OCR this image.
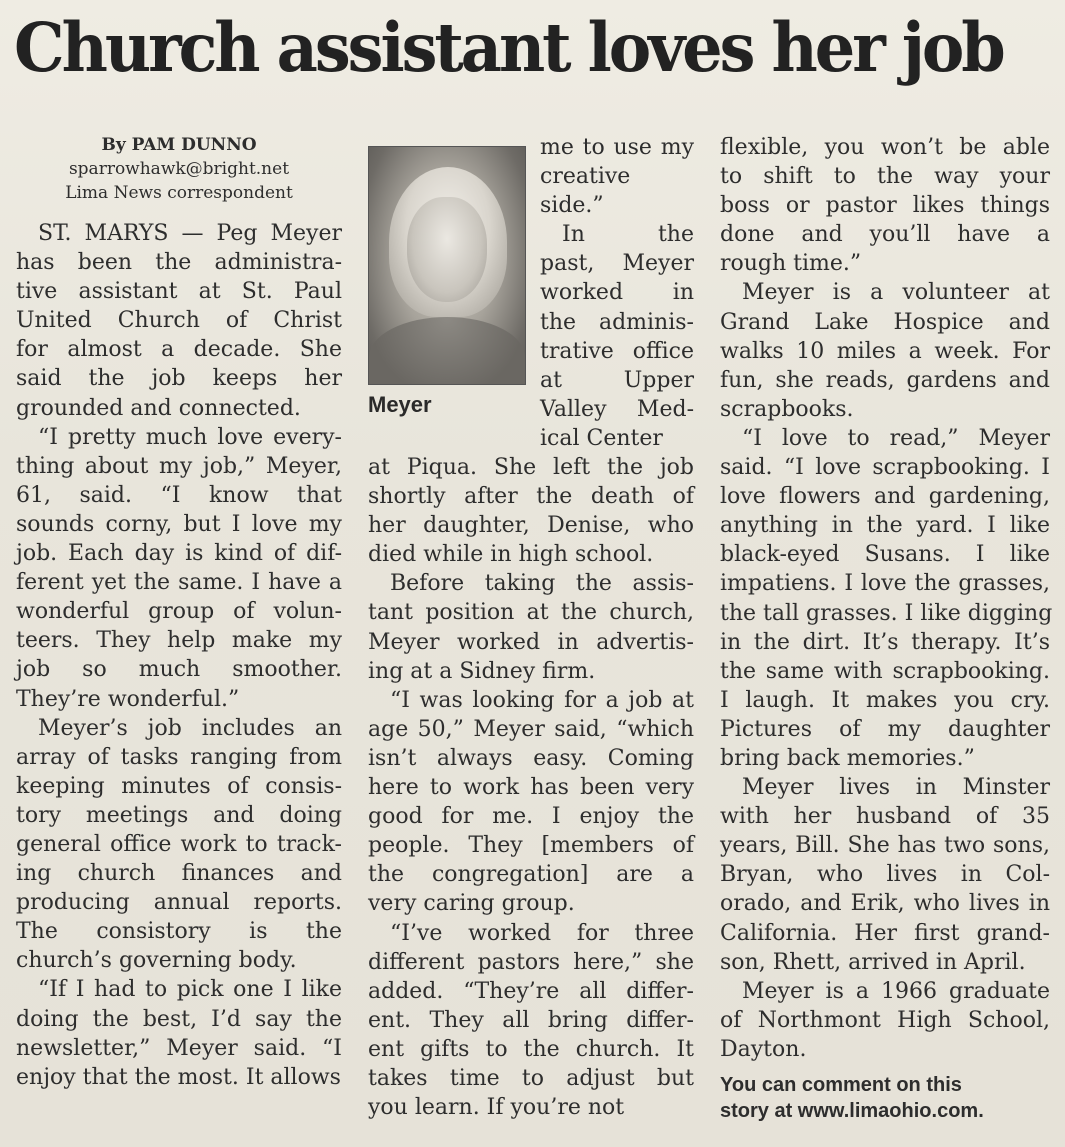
Church assistant loves her job
By PAM DUNNO
sparrowhawk@bright.net
Lima News correspondent
ST. MARYS — Peg Meyer
has been the administra-
tive assistant at St. Paul
United Church of Christ
for almost a decade. She
said the job keeps her
grounded and connected.
“I pretty much love every-
thing about my job,” Meyer,
61, said. “I know that
sounds corny, but I love my
job. Each day is kind of dif-
ferent yet the same. I have a
wonderful group of volun-
teers. They help make my
job so much smoother.
They’re wonderful.”
Meyer’s job includes an
array of tasks ranging from
keeping minutes of consis-
tory meetings and doing
general office work to track-
ing church finances and
producing annual reports.
The consistory is the
church’s governing body.
“If I had to pick one I like
doing the best, I’d say the
newsletter,” Meyer said. “I
enjoy that the most. It allows
Meyer
me to use my
creative
side.”
In the
past, Meyer
worked in
the adminis-
trative office
at Upper
Valley Med-
ical Center
at Piqua. She left the job
shortly after the death of
her daughter, Denise, who
died while in high school.
Before taking the assis-
tant position at the church,
Meyer worked in advertis-
ing at a Sidney firm.
“I was looking for a job at
age 50,” Meyer said, “which
isn’t always easy. Coming
here to work has been very
good for me. I enjoy the
people. They [members of
the congregation] are a
very caring group.
“I’ve worked for three
different pastors here,” she
added. “They’re all differ-
ent. They all bring differ-
ent gifts to the church. It
takes time to adjust but
you learn. If you’re not
flexible, you won’t be able
to shift to the way your
boss or pastor likes things
done and you’ll have a
rough time.”
Meyer is a volunteer at
Grand Lake Hospice and
walks 10 miles a week. For
fun, she reads, gardens and
scrapbooks.
“I love to read,” Meyer
said. “I love scrapbooking. I
love flowers and gardening,
anything in the yard. I like
black-eyed Susans. I like
impatiens. I love the grasses,
the tall grasses. I like digging
in the dirt. It’s therapy. It’s
the same with scrapbooking.
I laugh. It makes you cry.
Pictures of my daughter
bring back memories.”
Meyer lives in Minster
with her husband of 35
years, Bill. She has two sons,
Bryan, who lives in Col-
orado, and Erik, who lives in
California. Her first grand-
son, Rhett, arrived in April.
Meyer is a 1966 graduate
of Northmont High School,
Dayton.
You can comment on this
story at www.limaohio.com.
